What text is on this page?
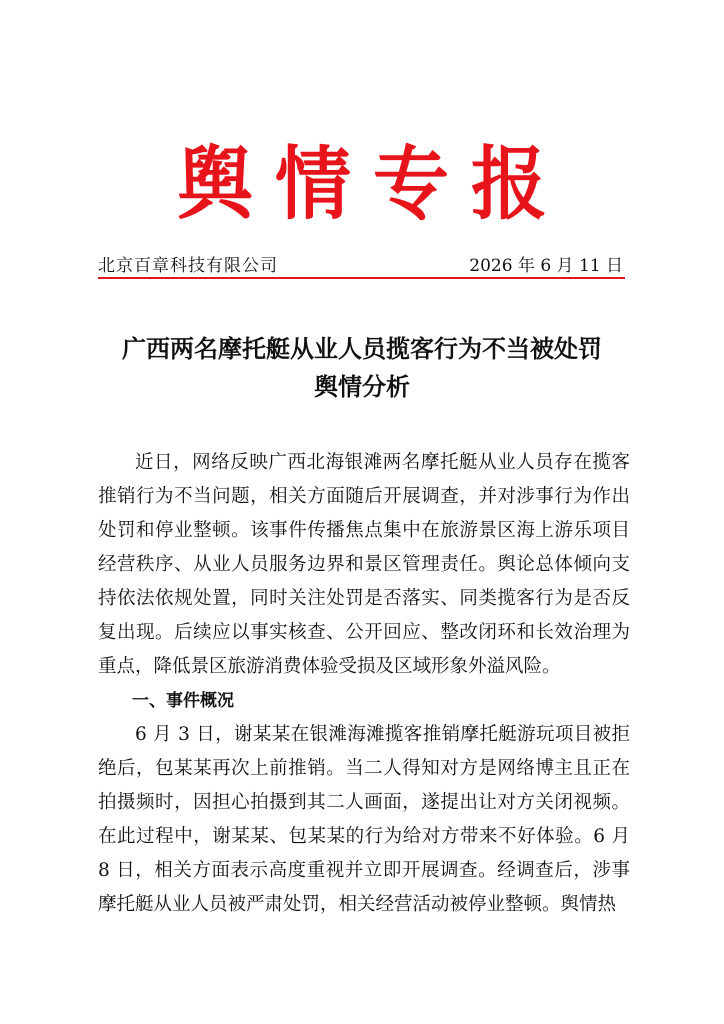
舆情专报
北京百章科技有限公司	2026 年 6 月 11 日
广西两名摩托艇从业人员揽客行为不当被处罚
舆情分析

近日，网络反映广西北海银滩两名摩托艇从业人员存在揽客推销行为不当问题，相关方面随后开展调查，并对涉事行为作出处罚和停业整顿。该事件传播焦点集中在旅游景区海上游乐项目经营秩序、从业人员服务边界和景区管理责任。舆论总体倾向支持依法依规处置，同时关注处罚是否落实、同类揽客行为是否反复出现。后续应以事实核查、公开回应、整改闭环和长效治理为重点，降低景区旅游消费体验受损及区域形象外溢风险。

一、事件概况

6 月 3 日，谢某某在银滩海滩揽客推销摩托艇游玩项目被拒绝后，包某某再次上前推销。当二人得知对方是网络博主且正在拍摄频时，因担心拍摄到其二人画面，遂提出让对方关闭视频。在此过程中，谢某某、包某某的行为给对方带来不好体验。6 月 8 日，相关方面表示高度重视并立即开展调查。经调查后，涉事摩托艇从业人员被严肃处罚，相关经营活动被停业整顿。舆情热
